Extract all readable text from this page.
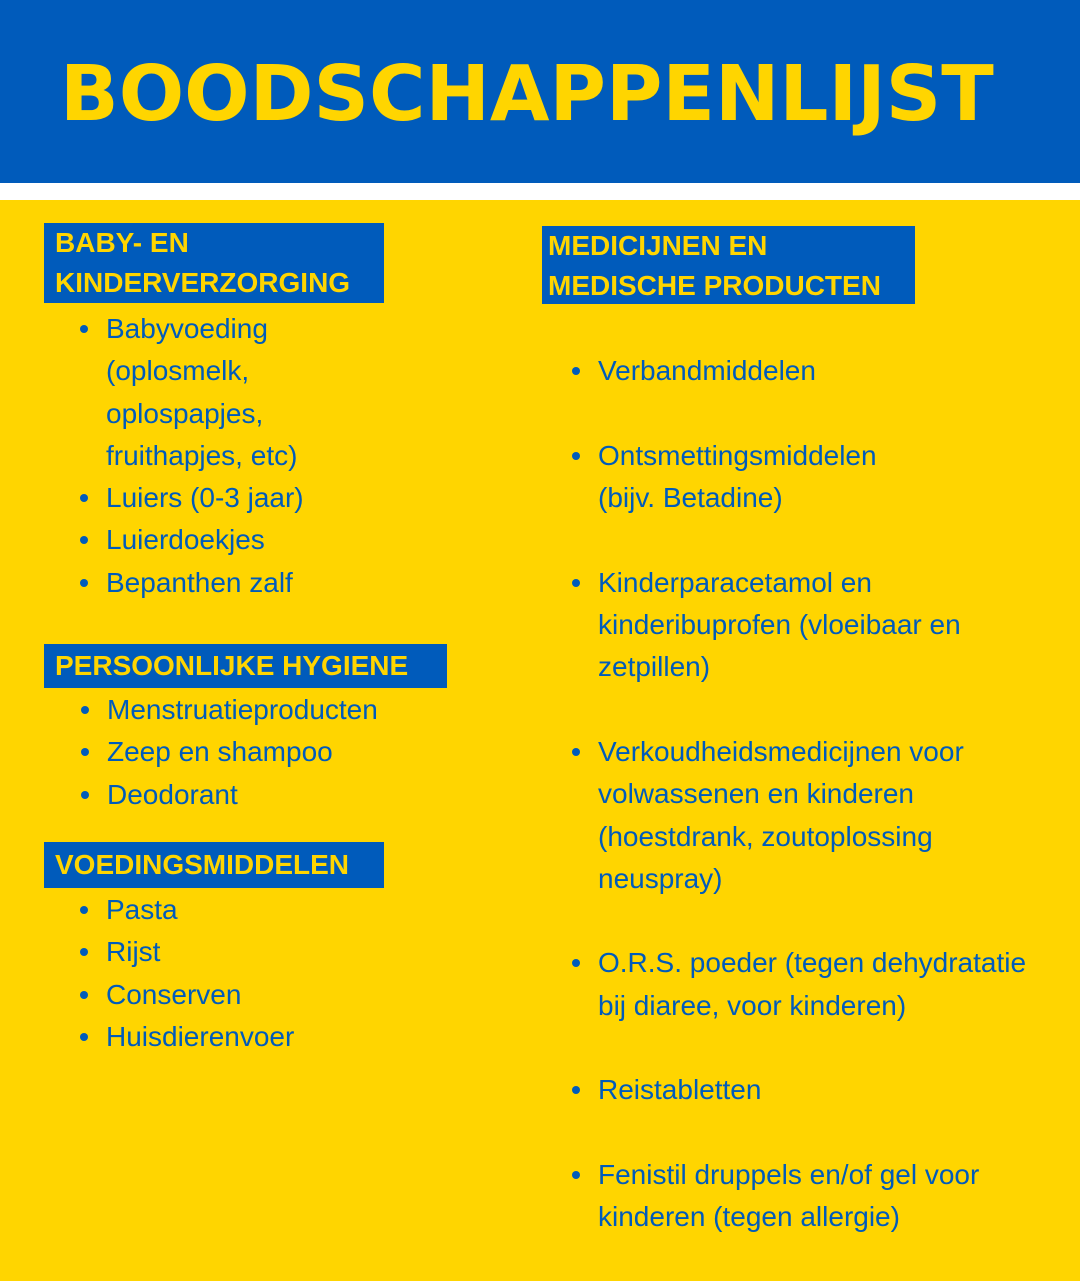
BOODSCHAPPENLIJST
BABY- EN
KINDERVERZORGING
Babyvoeding
(oplosmelk,
oplospapjes,
fruithapjes, etc)
Luiers (0-3 jaar)
Luierdoekjes
Bepanthen zalf
PERSOONLIJKE HYGIENE
Menstruatieproducten
Zeep en shampoo
Deodorant
VOEDINGSMIDDELEN
Pasta
Rijst
Conserven
Huisdierenvoer
MEDICIJNEN EN
MEDISCHE PRODUCTEN

Verbandmiddelen

Ontsmettingsmiddelen
(bijv. Betadine)

Kinderparacetamol en
kinderibuprofen (vloeibaar en
zetpillen)

Verkoudheidsmedicijnen voor
volwassenen en kinderen
(hoestdrank, zoutoplossing
neuspray)

O.R.S. poeder (tegen dehydratatie
bij diaree, voor kinderen)

Reistabletten

Fenistil druppels en/of gel voor
kinderen (tegen allergie)
